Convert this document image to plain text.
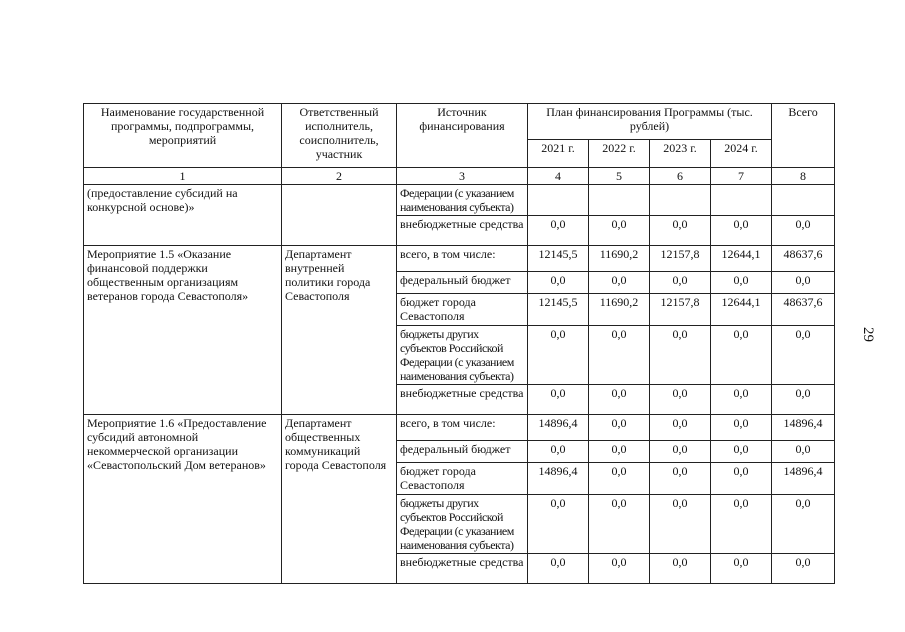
Наименование государственной программы, подпрограммы, мероприятий	Ответственный исполнитель, соисполнитель, участник	Источник финансирования	План финансирования Программы (тыс. рублей)				Всего
			2021 г.	2022 г.	2023 г.	2024 г.	
1	2	3	4	5	6	7	8
(предоставление субсидий на конкурсной основе)»		Федерации (с указанием наименования субъекта)					
		внебюджетные средства	0,0	0,0	0,0	0,0	0,0
Мероприятие 1.5 «Оказание финансовой поддержки общественным организациям ветеранов города Севастополя»	Департамент внутренней политики города Севастополя	всего, в том числе:	12145,5	11690,2	12157,8	12644,1	48637,6
		федеральный бюджет	0,0	0,0	0,0	0,0	0,0
		бюджет города Севастополя	12145,5	11690,2	12157,8	12644,1	48637,6
		бюджеты других субъектов Российской Федерации (с указанием наименования субъекта)	0,0	0,0	0,0	0,0	0,0
		внебюджетные средства	0,0	0,0	0,0	0,0	0,0
Мероприятие 1.6 «Предоставление субсидий автономной некоммерческой организации «Севастопольский Дом ветеранов»	Департамент общественных коммуникаций города Севастополя	всего, в том числе:	14896,4	0,0	0,0	0,0	14896,4
		федеральный бюджет	0,0	0,0	0,0	0,0	0,0
		бюджет города Севастополя	14896,4	0,0	0,0	0,0	14896,4
		бюджеты других субъектов Российской Федерации (с указанием наименования субъекта)	0,0	0,0	0,0	0,0	0,0
		внебюджетные средства	0,0	0,0	0,0	0,0	0,0
29
